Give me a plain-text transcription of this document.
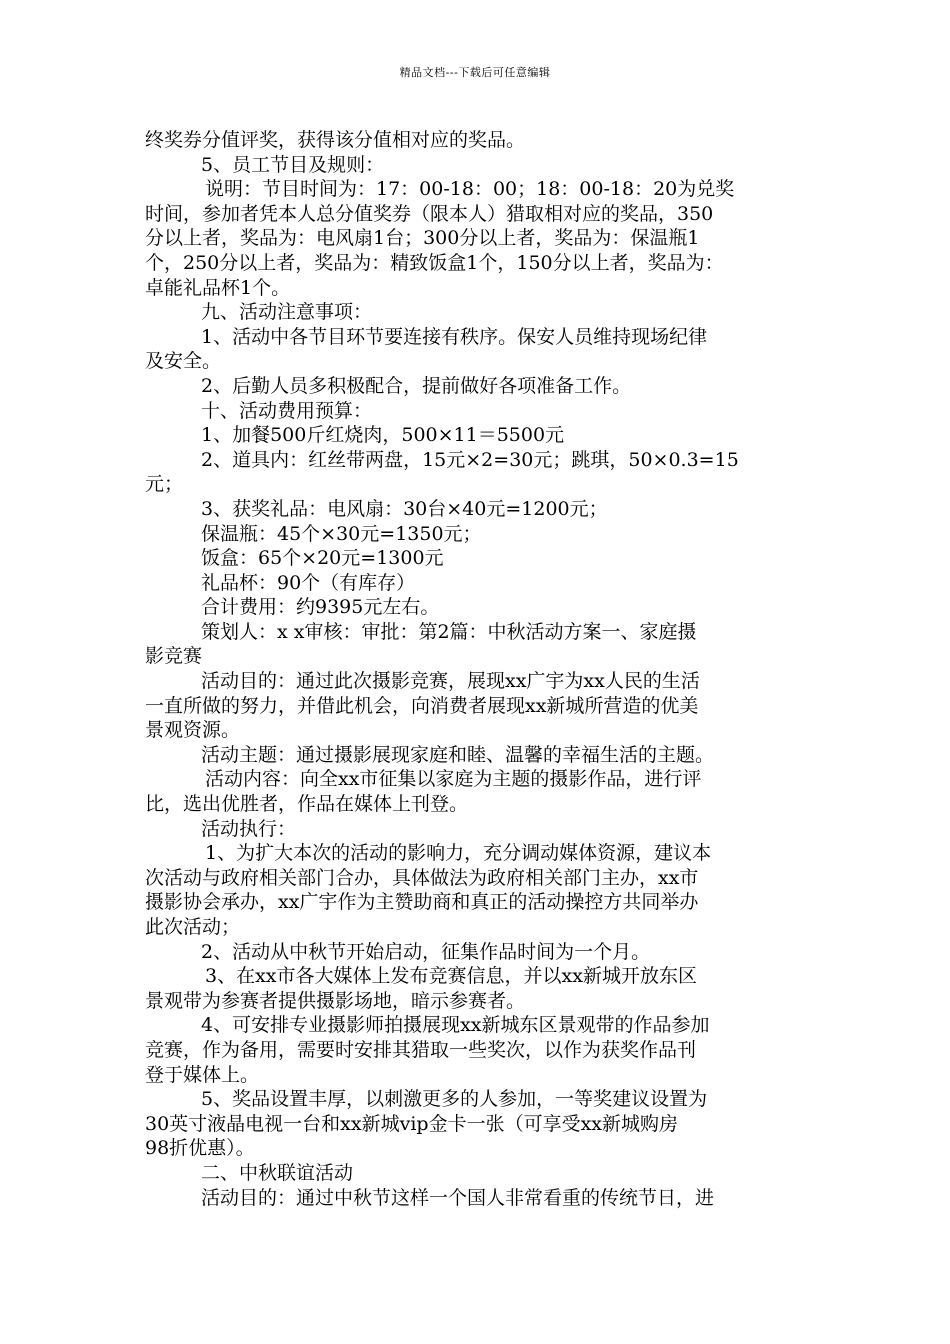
精品文档---下载后可任意编辑
终奖券分值评奖，获得该分值相对应的奖品。
5、员工节目及规则：
说明：节目时间为：17：00-18：00；18：00-18：20为兑奖
时间，参加者凭本人总分值奖券（限本人）猎取相对应的奖品，350
分以上者，奖品为：电风扇1台；300分以上者，奖品为：保温瓶1
个，250分以上者，奖品为：精致饭盒1个，150分以上者，奖品为：
卓能礼品杯1个。
九、活动注意事项：
1、活动中各节目环节要连接有秩序。保安人员维持现场纪律
及安全。
2、后勤人员多积极配合，提前做好各项准备工作。
十、活动费用预算：
1、加餐500斤红烧肉，500×11＝5500元
2、道具内：红丝带两盘，15元×2=30元；跳琪，50×0.3=15
元；
3、获奖礼品：电风扇：30台×40元=1200元；
保温瓶：45个×30元=1350元；
饭盒：65个×20元=1300元
礼品杯：90个（有库存）
合计费用：约9395元左右。
策划人：x x审核：审批：第2篇：中秋活动方案一、家庭摄
影竞赛
活动目的：通过此次摄影竞赛，展现xx广宇为xx人民的生活
一直所做的努力，并借此机会，向消费者展现xx新城所营造的优美
景观资源。
活动主题：通过摄影展现家庭和睦、温馨的幸福生活的主题。
活动内容：向全xx市征集以家庭为主题的摄影作品，进行评
比，选出优胜者，作品在媒体上刊登。
活动执行：
1、为扩大本次的活动的影响力，充分调动媒体资源，建议本
次活动与政府相关部门合办，具体做法为政府相关部门主办，xx市
摄影协会承办，xx广宇作为主赞助商和真正的活动操控方共同举办
此次活动；
2、活动从中秋节开始启动，征集作品时间为一个月。
3、在xx市各大媒体上发布竞赛信息，并以xx新城开放东区
景观带为参赛者提供摄影场地，暗示参赛者。
4、可安排专业摄影师拍摄展现xx新城东区景观带的作品参加
竞赛，作为备用，需要时安排其猎取一些奖次，以作为获奖作品刊
登于媒体上。
5、奖品设置丰厚，以刺激更多的人参加，一等奖建议设置为
30英寸液晶电视一台和xx新城vip金卡一张（可享受xx新城购房
98折优惠）。
二、中秋联谊活动
活动目的：通过中秋节这样一个国人非常看重的传统节日，进
